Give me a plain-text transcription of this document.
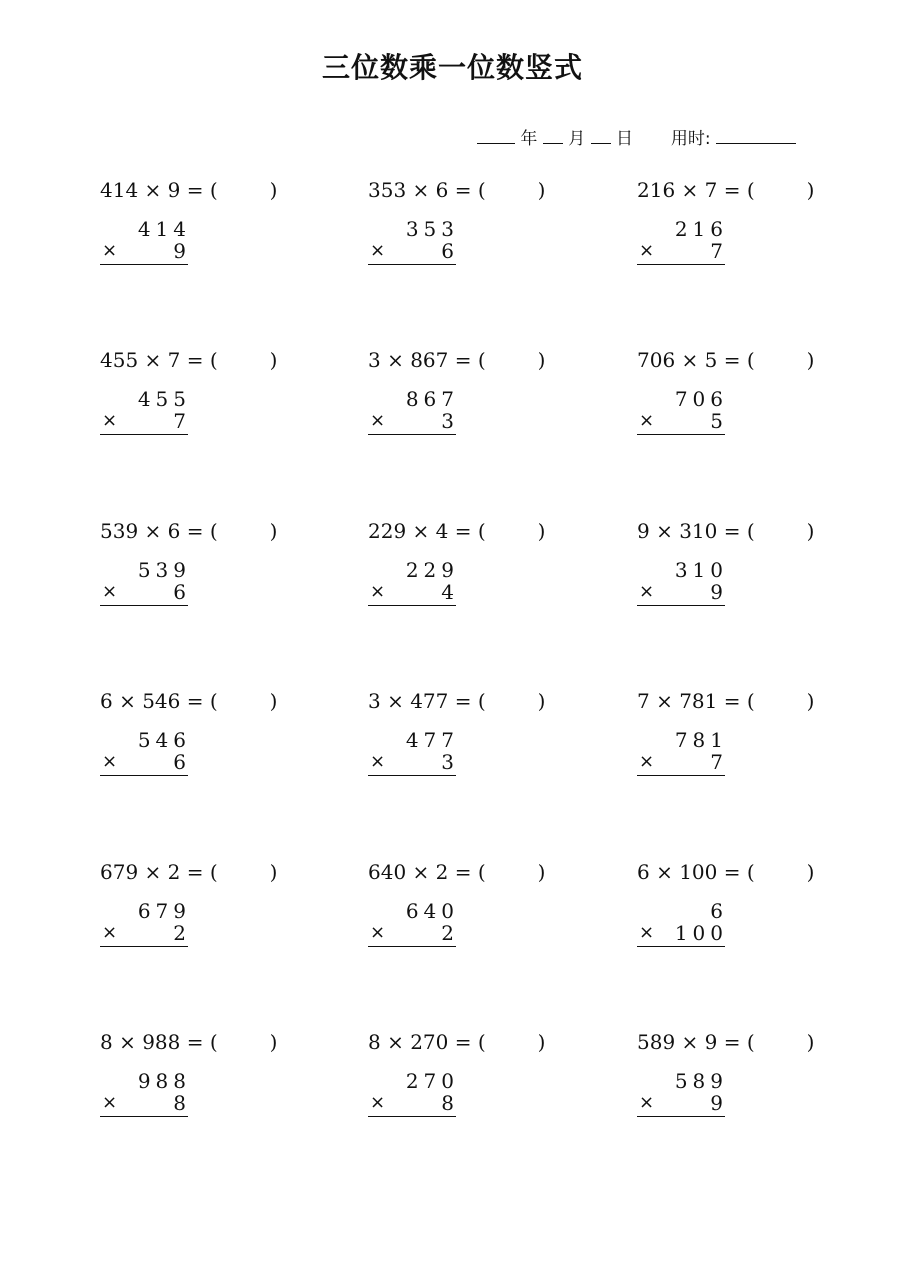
三位数乘一位数竖式
年 月 日 用时:
414 × 9 = (	)
414
×	9
353 × 6 = (	)
353
×	6
216 × 7 = (	)
216
×	7
455 × 7 = (	)
455
×	7
3 × 867 = (	)
867
×	3
706 × 5 = (	)
706
×	5
539 × 6 = (	)
539
×	6
229 × 4 = (	)
229
×	4
9 × 310 = (	)
310
×	9
6 × 546 = (	)
546
×	6
3 × 477 = (	)
477
×	3
7 × 781 = (	)
781
×	7
679 × 2 = (	)
679
×	2
640 × 2 = (	)
640
×	2
6 × 100 = (	)
6
× 100
8 × 988 = (	)
988
×	8
8 × 270 = (	)
270
×	8
589 × 9 = (	)
589
×	9
